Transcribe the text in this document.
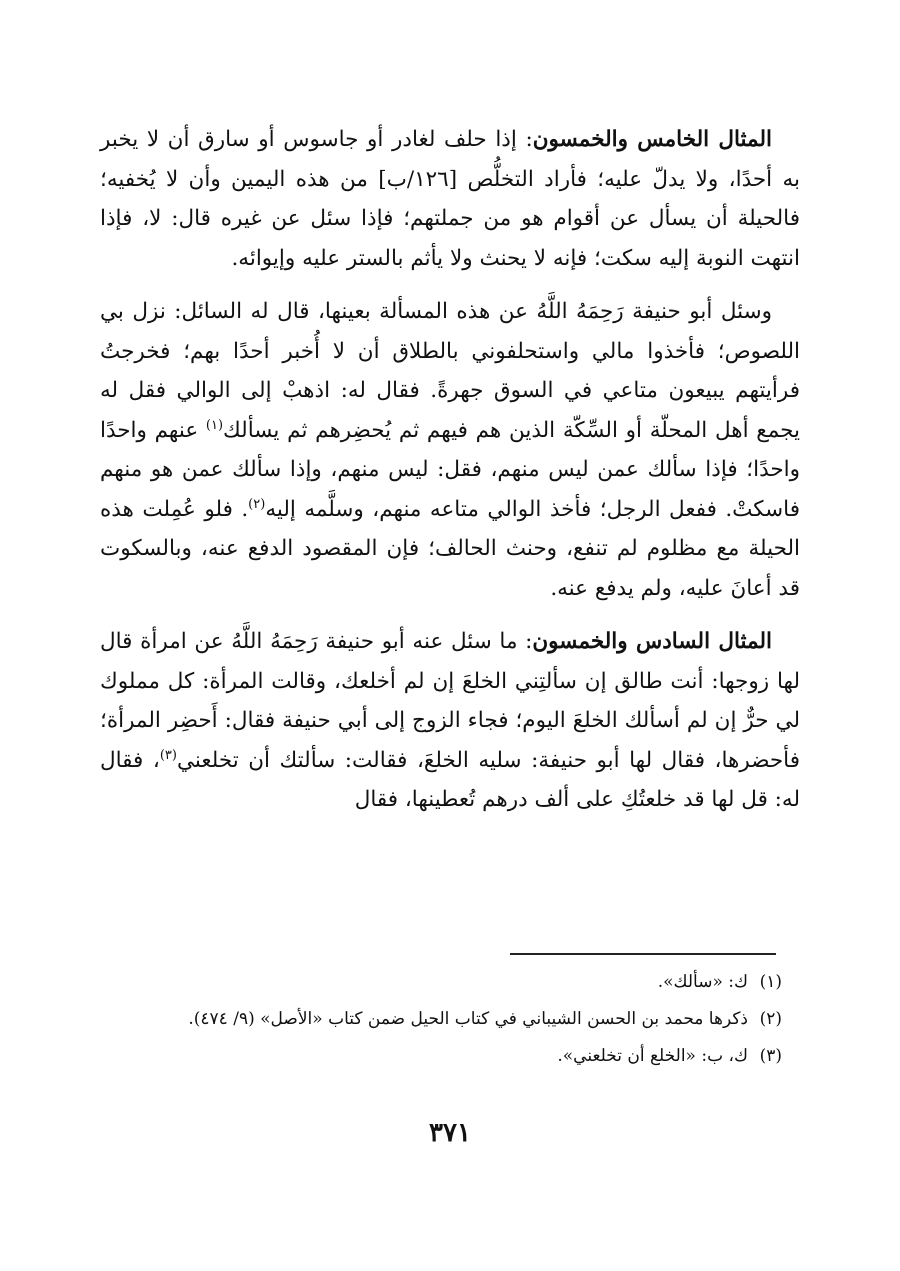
المثال الخامس والخمسون: إذا حلف لغادر أو جاسوس أو سارق أن لا يخبر به أحدًا، ولا يدلّ عليه؛ فأراد التخلُّص [١٢٦/ب] من هذه اليمين وأن لا يُخفيه؛ فالحيلة أن يسأل عن أقوام هو من جملتهم؛ فإذا سئل عن غيره قال: لا، فإذا انتهت النوبة إليه سكت؛ فإنه لا يحنث ولا يأثم بالستر عليه وإيوائه.

وسئل أبو حنيفة رَحِمَهُ اللَّهُ عن هذه المسألة بعينها، قال له السائل: نزل بي اللصوص؛ فأخذوا مالي واستحلفوني بالطلاق أن لا أُخبر أحدًا بهم؛ فخرجتُ فرأيتهم يبيعون متاعي في السوق جهرةً. فقال له: اذهبْ إلى الوالي فقل له يجمع أهل المحلّة أو السِّكّة الذين هم فيهم ثم يُحضِرهم ثم يسألك$^{(١)}$ عنهم واحدًا واحدًا؛ فإذا سألك عمن ليس منهم، فقل: ليس منهم، وإذا سألك عمن هو منهم فاسكتْ. ففعل الرجل؛ فأخذ الوالي متاعه منهم، وسلَّمه إليه$^{(٢)}$. فلو عُمِلت هذه الحيلة مع مظلوم لم تنفع، وحنث الحالف؛ فإن المقصود الدفع عنه، وبالسكوت قد أعانَ عليه، ولم يدفع عنه.

المثال السادس والخمسون: ما سئل عنه أبو حنيفة رَحِمَهُ اللَّهُ عن امرأة قال لها زوجها: أنت طالق إن سألتِني الخلعَ إن لم أخلعك، وقالت المرأة: كل مملوك لي حرٌّ إن لم أسألك الخلعَ اليوم؛ فجاء الزوج إلى أبي حنيفة فقال: أَحضِر المرأة؛ فأحضرها، فقال لها أبو حنيفة: سليه الخلعَ، فقالت: سألتك أن تخلعني$^{(٣)}$، فقال له: قل لها قد خلعتُكِ على ألف درهم تُعطينها، فقال

(١)
ك: «سألك».
(٢)
ذكرها محمد بن الحسن الشيباني في كتاب الحيل ضمن كتاب «الأصل» (٩/ ٤٧٤).
(٣)
ك، ب: «الخلع أن تخلعني».
٣٧١
